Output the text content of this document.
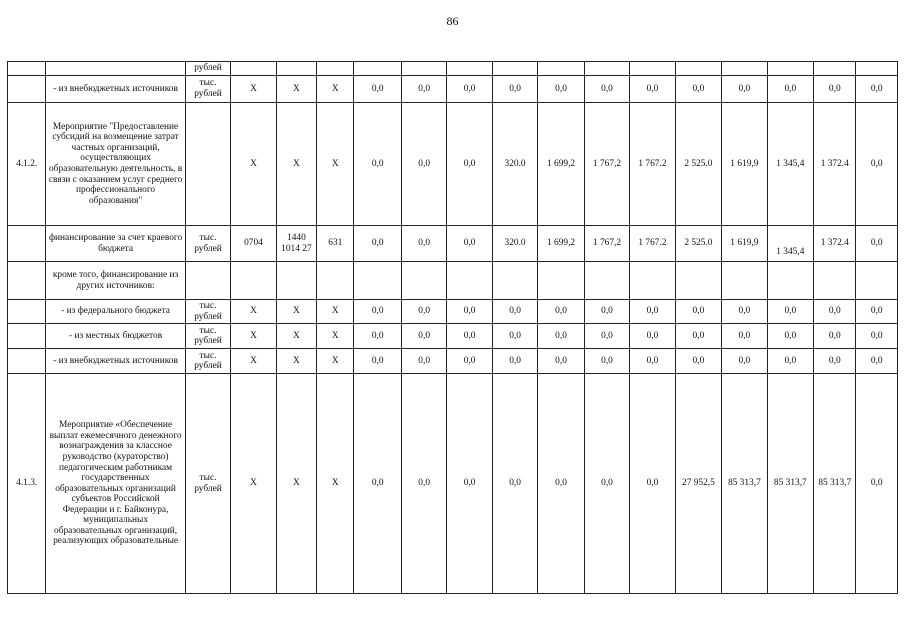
86
		рублей															
	- из внебюджетных источников	тыс. рублей	Х	Х	Х	0,0	0,0	0,0	0,0	0,0	0,0	0,0	0,0	0,0	0,0	0,0	0,0
4.1.2.	Мероприятие "Предоставление субсидий на возмещение затрат частных организаций, осуществляющих образовательную деятельность, в связи с оказанием услуг среднего профессионального образования"		Х	Х	Х	0,0	0,0	0,0	320.0	1 699,2	1 767,2	1 767.2	2 525.0	1 619,9	1 345,4	1 372.4	0,0
	финансирование за счет краевого бюджета	тыс. рублей	0704	1440 1014 27	631	0,0	0,0	0,0	320.0	1 699,2	1 767,2	1 767.2	2 525.0	1 619,9	1 345,4	1 372.4	0,0
	кроме того, финансирование из других источников:																
	- из федерального бюджета	тыс. рублей	Х	Х	Х	0,0	0,0	0,0	0,0	0,0	0,0	0,0	0,0	0,0	0,0	0,0	0,0
	- из местных бюджетов	тыс. рублей	Х	Х	Х	0,0	0,0	0,0	0,0	0,0	0,0	0,0	0,0	0,0	0,0	0,0	0,0
	- из внебюджетных источников	тыс. рублей	Х	Х	Х	0,0	0,0	0,0	0,0	0,0	0,0	0,0	0,0	0,0	0,0	0,0	0,0
4.1.3.	Мероприятие «Обеспечение выплат ежемесячного денежного вознаграждения за классное руководство (кураторство) педагогическим работникам государственных образовательных организаций субъектов Российской Федерации и г. Байконура, муниципальных образовательных организаций, реализующих образовательные	тыс. рублей	Х	Х	Х	0,0	0,0	0,0	0,0	0,0	0,0	0,0	27 952,5	85 313,7	85 313,7	85 313,7	0,0
